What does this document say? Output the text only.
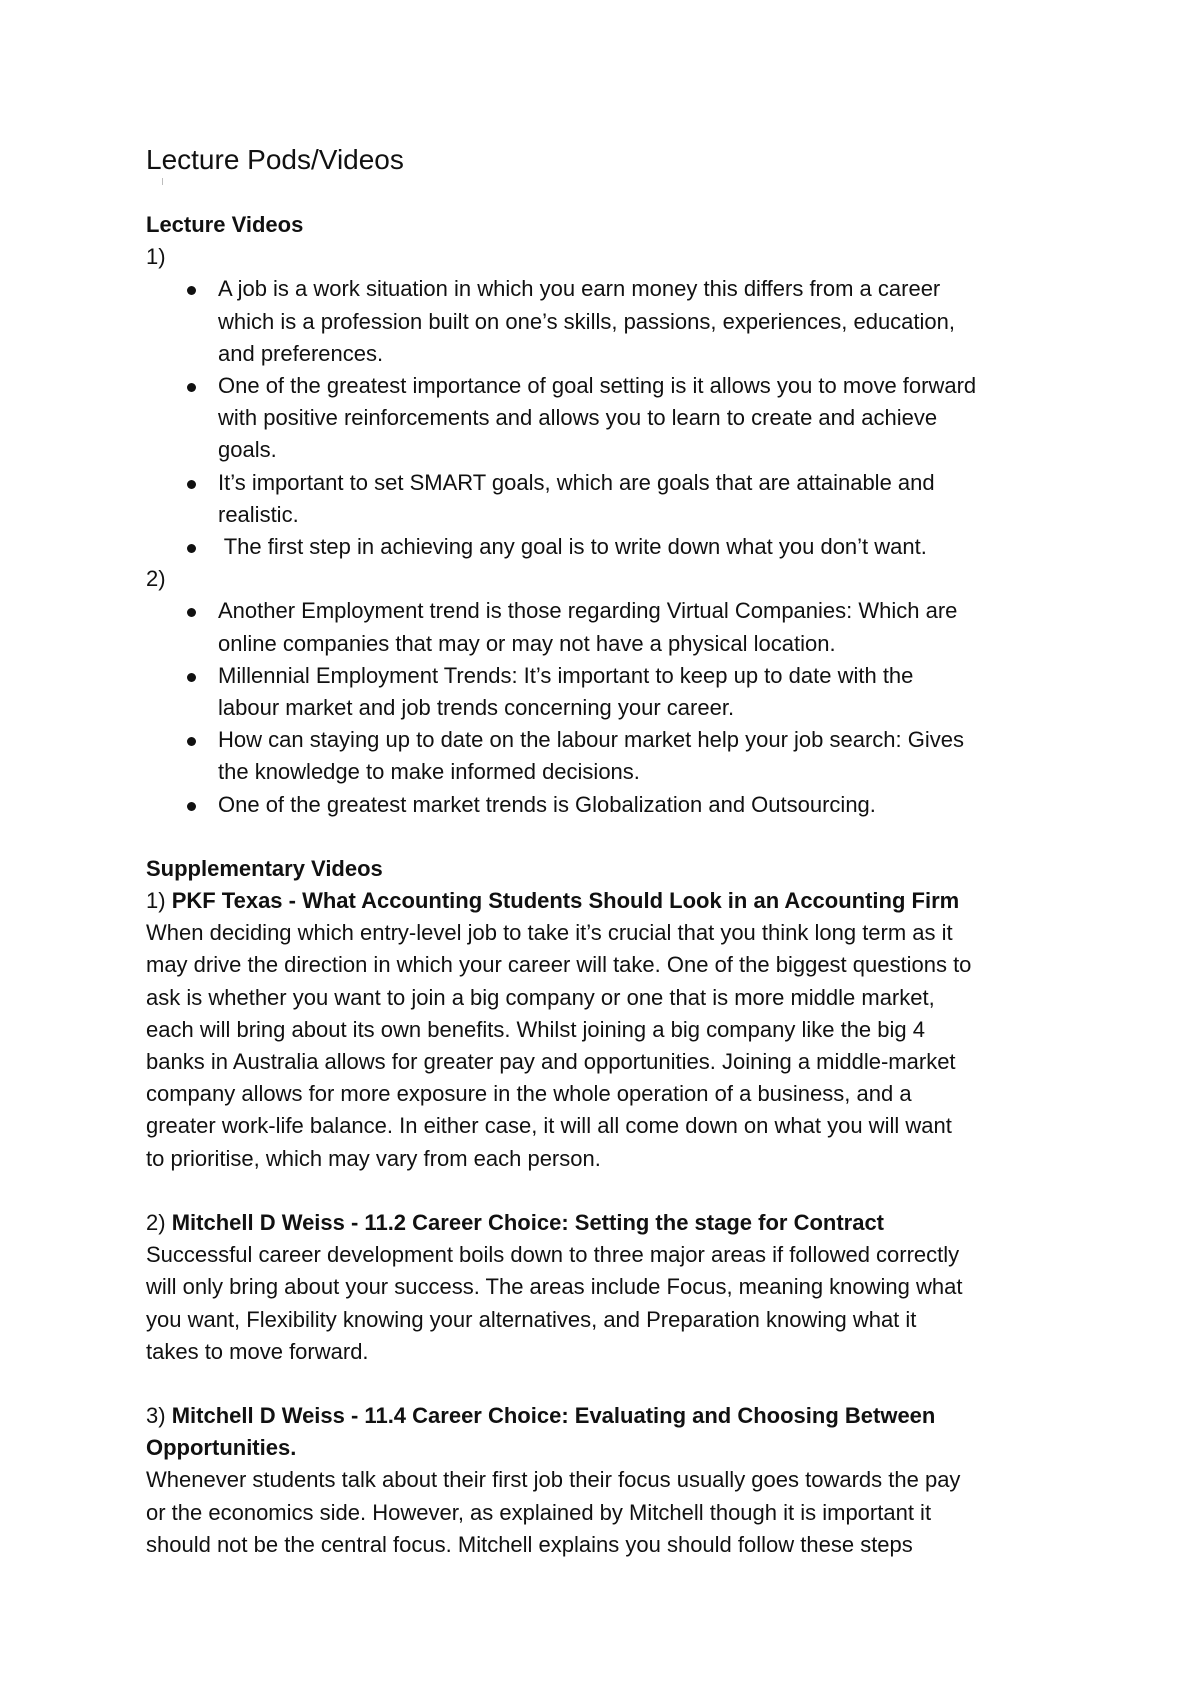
Lecture Pods/Videos
Lecture Videos
1)
A job is a work situation in which you earn money this differs from a career
which is a profession built on one’s skills, passions, experiences, education,
and preferences.
One of the greatest importance of goal setting is it allows you to move forward
with positive reinforcements and allows you to learn to create and achieve
goals.
It’s important to set SMART goals, which are goals that are attainable and
realistic.
The first step in achieving any goal is to write down what you don’t want.
2)
Another Employment trend is those regarding Virtual Companies: Which are
online companies that may or may not have a physical location.
Millennial Employment Trends: It’s important to keep up to date with the
labour market and job trends concerning your career.
How can staying up to date on the labour market help your job search: Gives
the knowledge to make informed decisions.
One of the greatest market trends is Globalization and Outsourcing.
Supplementary Videos
1) PKF Texas - What Accounting Students Should Look in an Accounting Firm
When deciding which entry-level job to take it’s crucial that you think long term as it
may drive the direction in which your career will take. One of the biggest questions to
ask is whether you want to join a big company or one that is more middle market,
each will bring about its own benefits. Whilst joining a big company like the big 4
banks in Australia allows for greater pay and opportunities. Joining a middle-market
company allows for more exposure in the whole operation of a business, and a
greater work-life balance. In either case, it will all come down on what you will want
to prioritise, which may vary from each person.
2) Mitchell D Weiss - 11.2 Career Choice: Setting the stage for Contract
Successful career development boils down to three major areas if followed correctly
will only bring about your success. The areas include Focus, meaning knowing what
you want, Flexibility knowing your alternatives, and Preparation knowing what it
takes to move forward.
3) Mitchell D Weiss - 11.4 Career Choice: Evaluating and Choosing Between
Opportunities.
Whenever students talk about their first job their focus usually goes towards the pay
or the economics side. However, as explained by Mitchell though it is important it
should not be the central focus. Mitchell explains you should follow these steps
